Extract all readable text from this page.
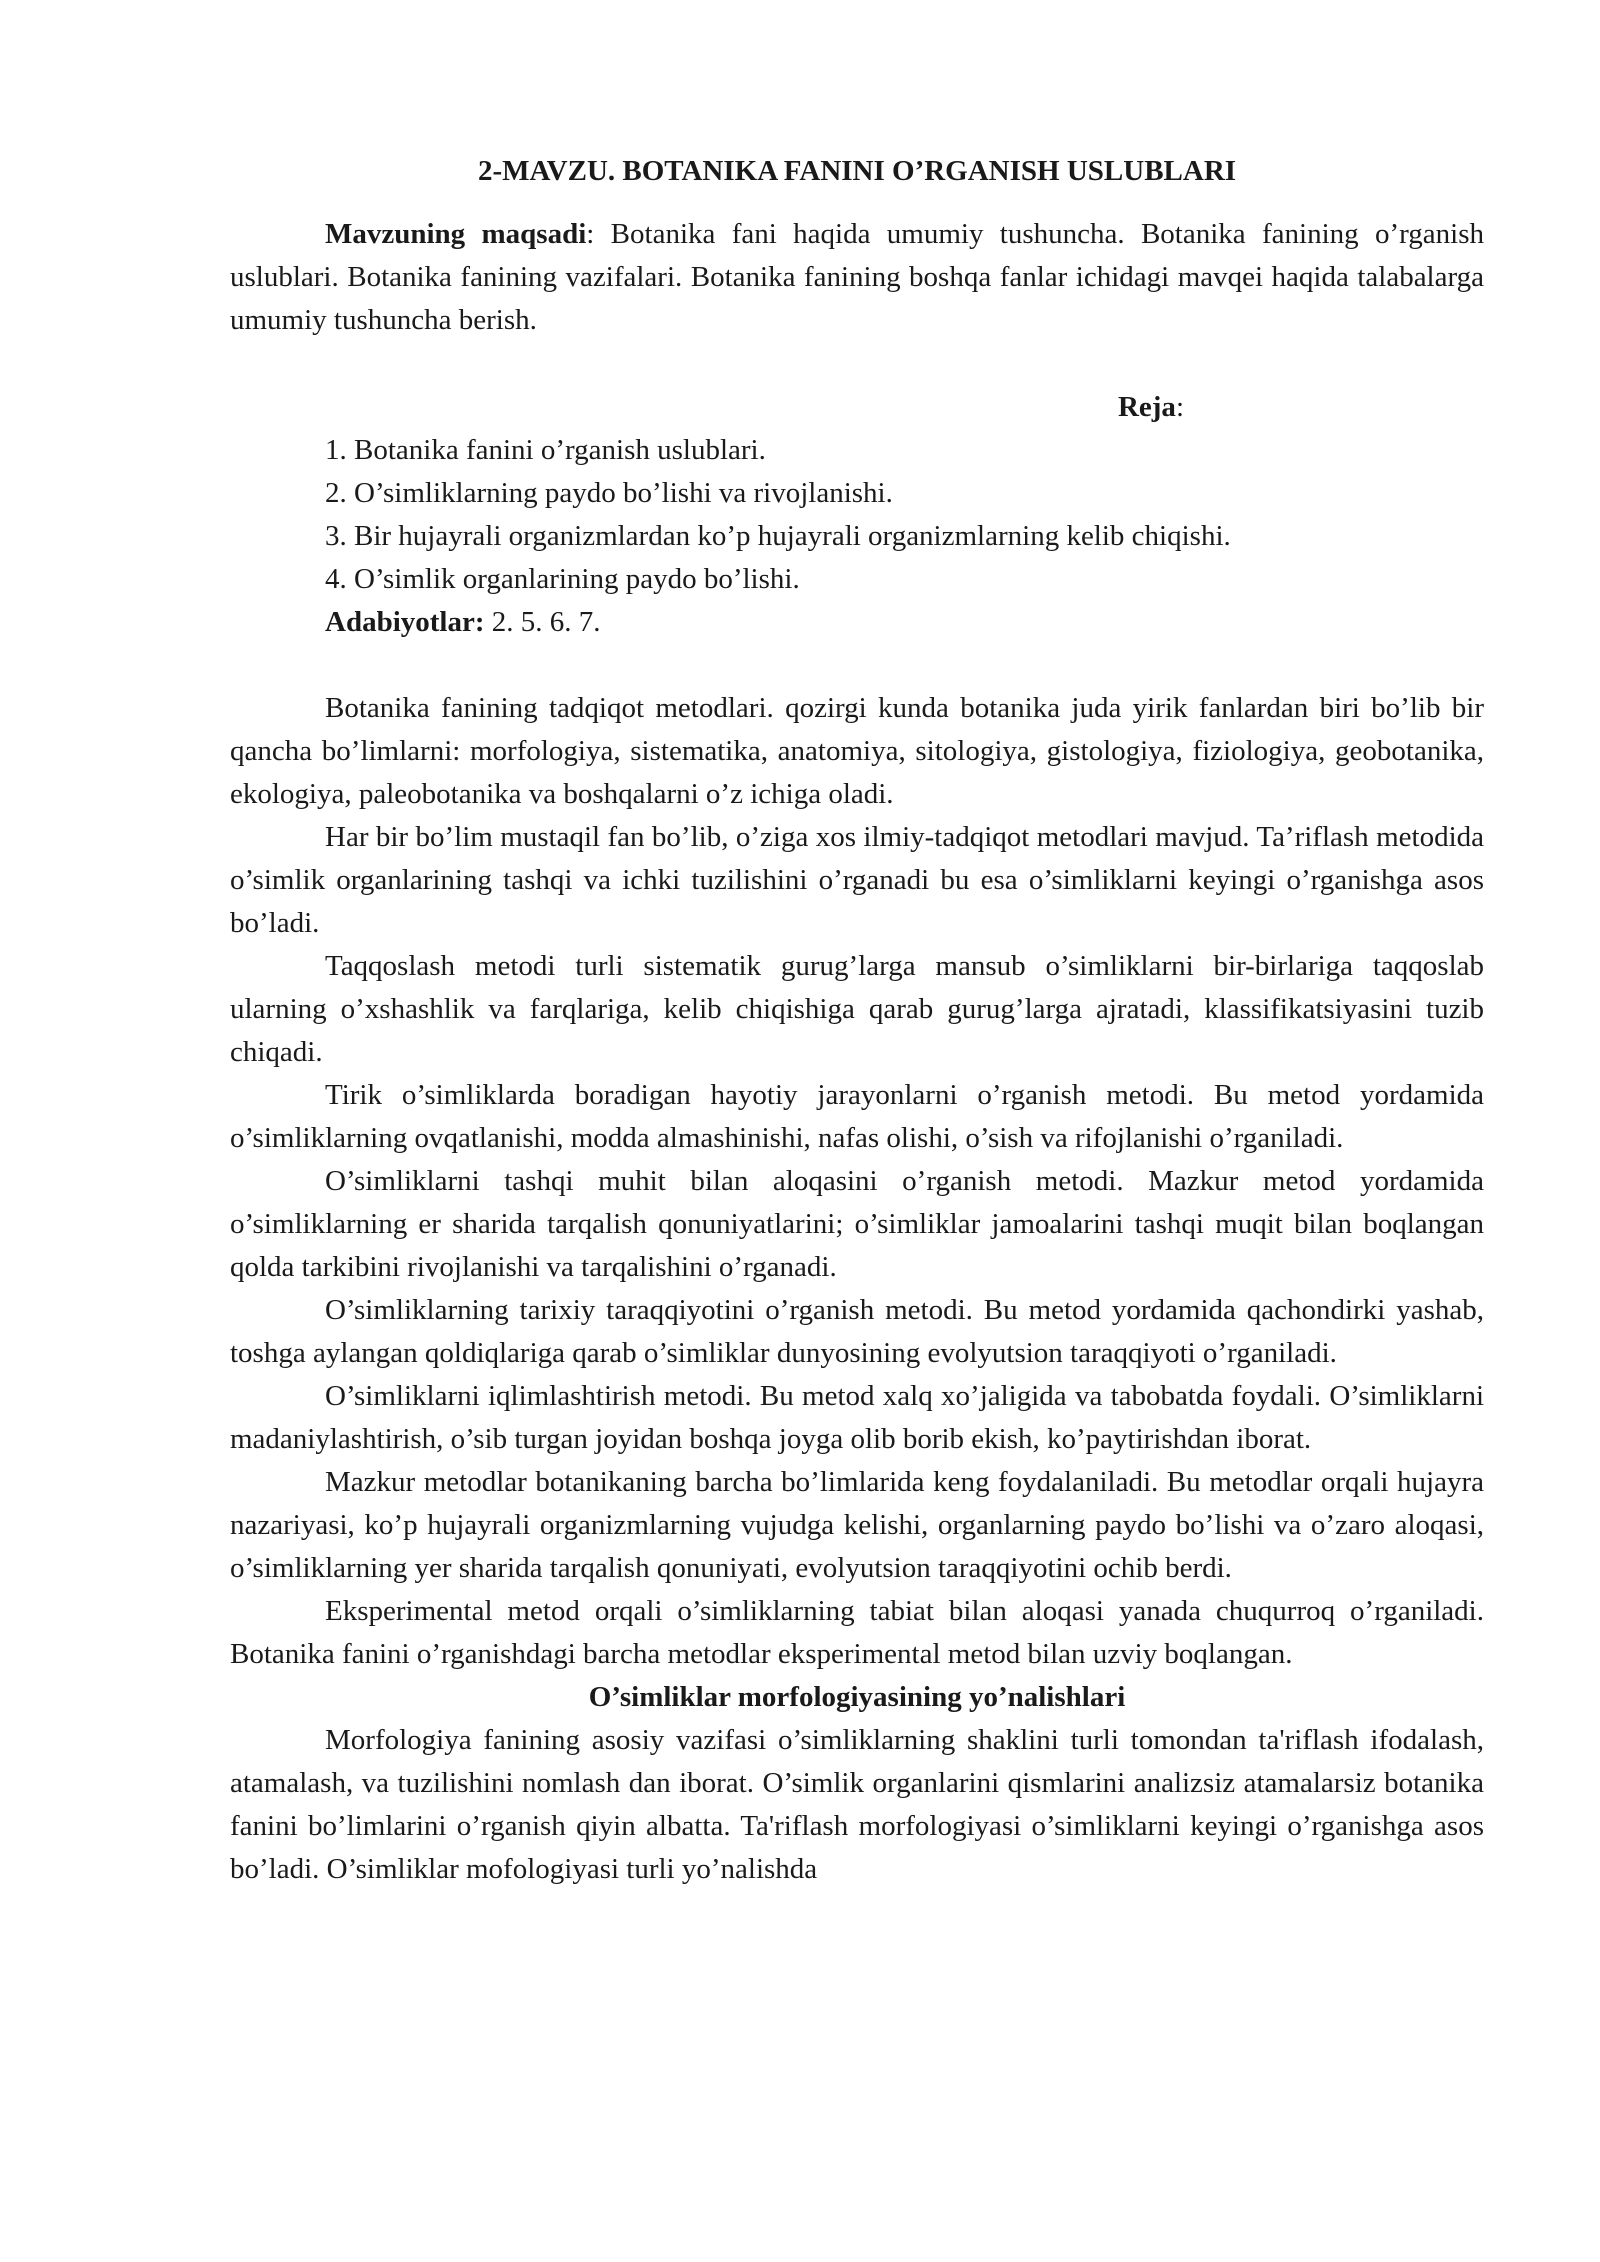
2-MAVZU. BOTANIKA FANINI O’RGANISH USLUBLARI

Mavzuning maqsadi: Botanika fani haqida umumiy tushuncha. Botanika fanining o’rganish uslublari. Botanika fanining vazifalari. Botanika fanining boshqa fanlar ichidagi mavqei haqida talabalarga umumiy tushuncha berish.

Reja:

1. Botanika fanini o’rganish uslublari.
2. O’simliklarning paydo bo’lishi va rivojlanishi.
3. Bir hujayrali organizmlardan ko’p hujayrali organizmlarning kelib chiqishi.
4. O’simlik organlarining paydo bo’lishi.

Adabiyotlar: 2. 5. 6. 7.

Botanika fanining tadqiqot metodlari. qozirgi kunda botanika juda yirik fanlardan biri bo’lib bir qancha bo’limlarni: morfologiya, sistematika, anatomiya, sitologiya, gistologiya, fiziologiya, geobotanika, ekologiya, paleobotanika va boshqalarni o’z ichiga oladi.

Har bir bo’lim mustaqil fan bo’lib, o’ziga xos ilmiy-tadqiqot metodlari mavjud. Ta’riflash metodida o’simlik organlarining tashqi va ichki tuzilishini o’rganadi bu esa o’simliklarni keyingi o’rganishga asos bo’ladi.

Taqqoslash metodi turli sistematik gurug’larga mansub o’simliklarni bir-birlariga taqqoslab ularning o’xshashlik va farqlariga, kelib chiqishiga qarab gurug’larga ajratadi, klassifikatsiyasini tuzib chiqadi.

Tirik o’simliklarda boradigan hayotiy jarayonlarni o’rganish metodi. Bu metod yordamida o’simliklarning ovqatlanishi, modda almashinishi, nafas olishi, o’sish va rifojlanishi o’rganiladi.

O’simliklarni tashqi muhit bilan aloqasini o’rganish metodi. Mazkur metod yordamida o’simliklarning er sharida tarqalish qonuniyatlarini; o’simliklar jamoalarini tashqi muqit bilan boqlangan qolda tarkibini rivojlanishi va tarqalishini o’rganadi.

O’simliklarning tarixiy taraqqiyotini o’rganish metodi. Bu metod yordamida qachondirki yashab, toshga aylangan qoldiqlariga qarab o’simliklar dunyosining evolyutsion taraqqiyoti o’rganiladi.

O’simliklarni iqlimlashtirish metodi. Bu metod xalq xo’jaligida va tabobatda foydali. O’simliklarni madaniylashtirish, o’sib turgan joyidan boshqa joyga olib borib ekish, ko’paytirishdan iborat.

Mazkur metodlar botanikaning barcha bo’limlarida keng foydalaniladi. Bu metodlar orqali hujayra nazariyasi, ko’p hujayrali organizmlarning vujudga kelishi, organlarning paydo bo’lishi va o’zaro aloqasi, o’simliklarning yer sharida tarqalish qonuniyati, evolyutsion taraqqiyotini ochib berdi.

Eksperimental metod orqali o’simliklarning tabiat bilan aloqasi yanada chuqurroq o’rganiladi. Botanika fanini o’rganishdagi barcha metodlar eksperimental metod bilan uzviy boqlangan.

O’simliklar morfologiyasining yo’nalishlari

Morfologiya fanining asosiy vazifasi o’simliklarning shaklini turli tomondan ta'riflash ifodalash, atamalash, va tuzilishini nomlash dan iborat. O’simlik organlarini qismlarini analizsiz atamalarsiz botanika fanini bo’limlarini o’rganish qiyin albatta. Ta'riflash morfologiyasi o’simliklarni keyingi o’rganishga asos bo’ladi. O’simliklar mofologiyasi turli yo’nalishda
